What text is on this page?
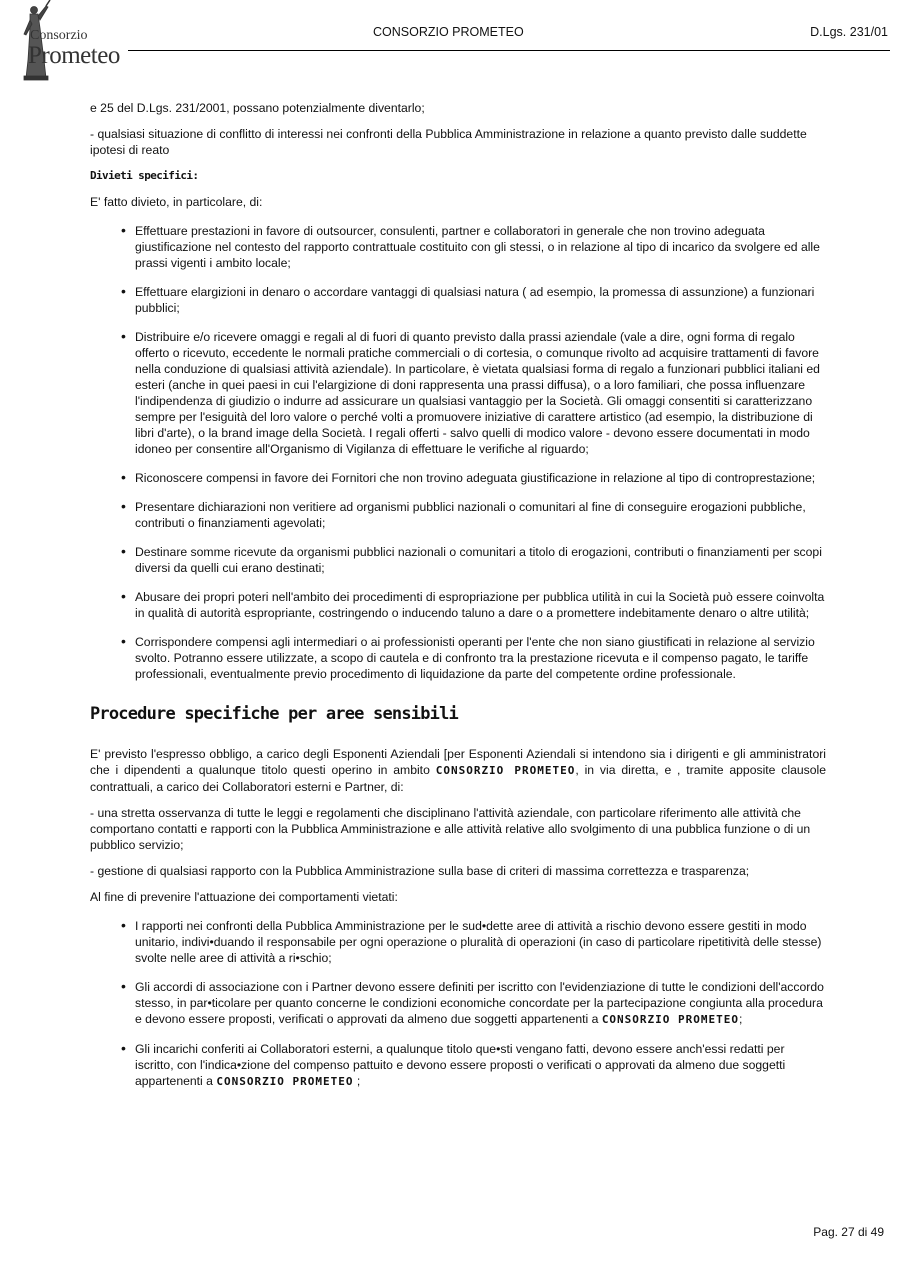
Consorzio
Prometeo
CONSORZIO PROMETEO	D.Lgs. 231/01

e 25 del D.Lgs. 231/2001, possano potenzialmente diventarlo;

- qualsiasi situazione di conflitto di interessi nei confronti della Pubblica Amministrazione in relazione a quanto previsto dalle suddette ipotesi di reato

Divieti specifici:

E' fatto divieto, in particolare, di:

• Effettuare prestazioni in favore di outsourcer, consulenti, partner e collaboratori in generale che non trovino adeguata giustificazione nel contesto del rapporto contrattuale costituito con gli stessi, o in relazione al tipo di incarico da svolgere ed alle prassi vigenti i ambito locale;
• Effettuare elargizioni in denaro o accordare vantaggi di qualsiasi natura ( ad esempio, la promessa di assunzione) a funzionari pubblici;
• Distribuire e/o ricevere omaggi e regali al di fuori di quanto previsto dalla prassi aziendale (vale a dire, ogni forma di regalo offerto o ricevuto, eccedente le normali pratiche commerciali o di cortesia, o comunque rivolto ad acquisire trattamenti di favore nella conduzione di qualsiasi attività aziendale). In particolare, è vietata qualsiasi forma di regalo a funzionari pubblici italiani ed esteri (anche in quei paesi in cui l'elargizione di doni rappresenta una prassi diffusa), o a loro familiari, che possa influenzare l'indipendenza di giudizio o indurre ad assicurare un qualsiasi vantaggio per la Società. Gli omaggi consentiti si caratterizzano sempre per l'esiguità del loro valore o perché volti a promuovere iniziative di carattere artistico (ad esempio, la distribuzione di libri d'arte), o la brand image della Società. I regali offerti - salvo quelli di modico valore - devono essere documentati in modo idoneo per consentire all'Organismo di Vigilanza di effettuare le verifiche al riguardo;
• Riconoscere compensi in favore dei Fornitori che non trovino adeguata giustificazione in relazione al tipo di controprestazione;
• Presentare dichiarazioni non veritiere ad organismi pubblici nazionali o comunitari al fine di conseguire erogazioni pubbliche, contributi o finanziamenti agevolati;
• Destinare somme ricevute da organismi pubblici nazionali o comunitari a titolo di erogazioni, contributi o finanziamenti per scopi diversi da quelli cui erano destinati;
• Abusare dei propri poteri nell'ambito dei procedimenti di espropriazione per pubblica utilità in cui la Società può essere coinvolta in qualità di autorità espropriante, costringendo o inducendo taluno a dare o a promettere indebitamente denaro o altre utilità;
• Corrispondere compensi agli intermediari o ai professionisti operanti per l'ente che non siano giustificati in relazione al servizio svolto. Potranno essere utilizzate, a scopo di cautela e di confronto tra la prestazione ricevuta e il compenso pagato, le tariffe professionali, eventualmente previo procedimento di liquidazione da parte del competente ordine professionale.
Procedure specifiche per aree sensibili

E' previsto l'espresso obbligo, a carico degli Esponenti Aziendali [per Esponenti Aziendali si intendono sia i dirigenti e gli amministratori che i dipendenti a qualunque titolo questi operino in ambito CONSORZIO PROMETEO, in via diretta, e , tramite apposite clausole contrattuali, a carico dei Collaboratori esterni e Partner, di:

- una stretta osservanza di tutte le leggi e regolamenti che disciplinano l'attività aziendale, con particolare riferimento alle attività che comportano contatti e rapporti con la Pubblica Amministrazione e alle attività relative allo svolgimento di una pubblica funzione o di un pubblico servizio;

- gestione di qualsiasi rapporto con la Pubblica Amministrazione sulla base di criteri di massima correttezza e trasparenza;

Al fine di prevenire l'attuazione dei comportamenti vietati:

• I rapporti nei confronti della Pubblica Amministrazione per le sud•dette aree di attività a rischio devono essere gestiti in modo unitario, indivi•duando il responsabile per ogni operazione o pluralità di operazioni (in caso di particolare ripetitività delle stesse) svolte nelle aree di attività a ri•schio;
• Gli accordi di associazione con i Partner devono essere definiti per iscritto con l'evidenziazione di tutte le condizioni dell'accordo stesso, in par•ticolare per quanto concerne le condizioni economiche concordate per la partecipazione congiunta alla procedura e devono essere proposti, verificati o approvati da almeno due soggetti appartenenti a CONSORZIO PROMETEO;
• Gli incarichi conferiti ai Collaboratori esterni, a qualunque titolo que•sti vengano fatti, devono essere anch'essi redatti per iscritto, con l'indica•zione del compenso pattuito e devono essere proposti o verificati o approvati da almeno due soggetti appartenenti a CONSORZIO PROMETEO ;
Pag. 27 di 49
